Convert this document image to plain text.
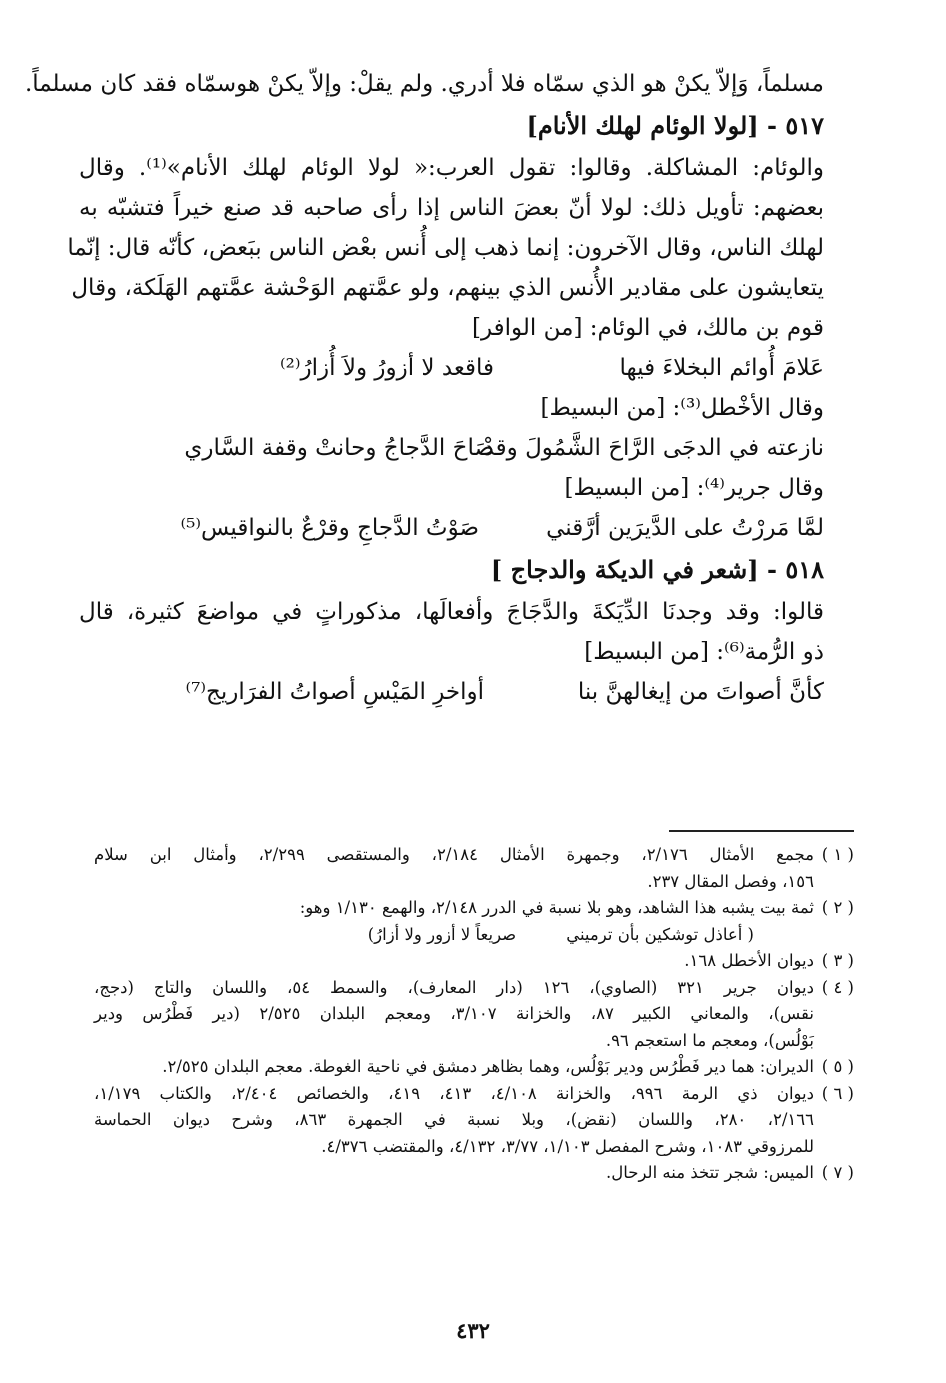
مسلماً، وَإلاّ يكنْ هو الذي سمّاه فلا أدري. ولم يقلْ: وإلاّ يكنْ هوسمّاه فقد كان مسلماً.
٥١٧ - [لولا الوئام لهلك الأنام]
والوئام: المشاكلة. وقالوا: تقول العرب:« لولا الوئام لهلك الأنام»⁽¹⁾. وقال
بعضهم: تأويل ذلك: لولا أنّ بعضَ الناس إذا رأى صاحبه قد صنع خيراً فتشبّه به
لهلك الناس، وقال الآخرون: إنما ذهب إلى أُنس بعْض الناس ببَعض، كأنّه قال: إنّما
يتعايشون على مقادير الأُنس الذي بينهم، ولو عمَّتهم الوَحْشة عمَّتهم الهَلَكة، وقال
قوم بن مالك، في الوئام: [من الوافر]
عَلامَ أُوائم البخلاءَ فيها
فاقعد لا أزورُ ولاَ أُزارُ⁽²⁾
وقال الأخْطل⁽³⁾: [من البسيط]
نازعته في الدجَى الرَّاحَ الشَّمُولَ وقدْ
صَاحَ الدَّجاجُ وحانتْ وقفة السَّاري
وقال جرير⁽⁴⁾: [من البسيط]
لمَّا مَررْتُ على الدَّيرَين أرَّقني
صَوْتُ الدَّجاجِ وقرْعٌ بالنواقيس⁽⁵⁾
٥١٨ - [شعر في الديكة والدجاج ]
قالوا: وقد وجدنَا الدِّيَكةَ والدَّجَاجَ وأفعالَها، مذكوراتٍ في مواضعَ كثيرة، قال
ذو الرُّمة⁽⁶⁾: [من البسيط]
كأنَّ أصواتَ من إيغالهنَّ بنا
أواخرِ المَيْسِ أصواتُ الفرَاريج⁽⁷⁾
( ١ )
مجمع الأمثال ٢/١٧٦، وجمهرة الأمثال ٢/١٨٤، والمستقصى ٢/٢٩٩، وأمثال ابن سلام
١٥٦، وفصل المقال ٢٣٧.
( ٢ )
ثمة بيت يشبه هذا الشاهد، وهو بلا نسبة في الدرر ٢/١٤٨، والهمع ١/١٣٠ وهو:
( أعاذل توشكين بأن ترمينيصريعاً لا أزور ولا أزارُ)
( ٣ )
ديوان الأخطل ١٦٨.
( ٤ )
ديوان جرير ٣٢١ (الصاوي)، ١٢٦ (دار المعارف)، والسمط ٥٤، واللسان والتاج (دجج،
نقس)، والمعاني الكبير ٨٧، والخزانة ٣/١٠٧، ومعجم البلدان ٢/٥٢٥ (دير فَطْرُس ودير
بَوْلُس)، ومعجم ما استعجم ٩٦.
( ٥ )
الديران: هما دير فَطْرُس ودير بَوْلُس، وهما بظاهر دمشق في ناحية الغوطة. معجم البلدان ٢/٥٢٥.
( ٦ )
ديوان ذي الرمة ٩٩٦، والخزانة ٤/١٠٨، ٤١٣، ٤١٩، والخصائص ٢/٤٠٤، والكتاب ١/١٧٩،
٢/١٦٦، ٢٨٠، واللسان (نقض)، وبلا نسبة في الجمهرة ٨٦٣، وشرح ديوان الحماسة
للمرزوقي ١٠٨٣، وشرح المفصل ١/١٠٣، ٣/٧٧، ٤/١٣٢، والمقتضب ٤/٣٧٦.
( ٧ )
الميس: شجر تتخذ منه الرحال.
٤٣٢
